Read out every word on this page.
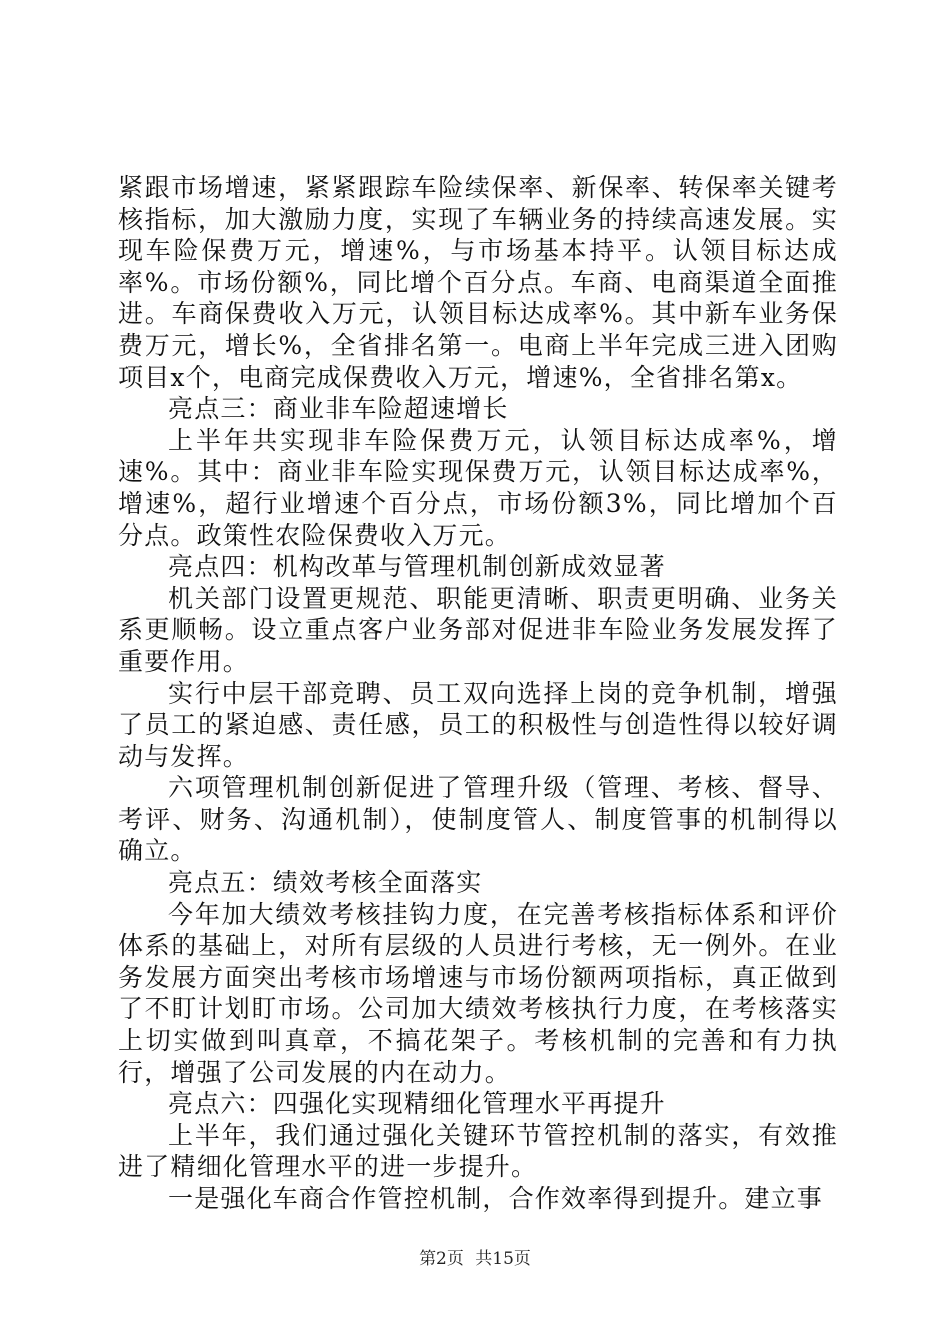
紧跟市场增速，紧紧跟踪车险续保率、新保率、转保率关键考核指标，加大激励力度，实现了车辆业务的持续高速发展。实现车险保费万元，增速%，与市场基本持平。认领目标达成率%。市场份额%，同比增个百分点。车商、电商渠道全面推进。车商保费收入万元，认领目标达成率%。其中新车业务保费万元，增长%，全省排名第一。电商上半年完成三进入团购项目x个，电商完成保费收入万元，增速%，全省排名第x。

亮点三：商业非车险超速增长

上半年共实现非车险保费万元，认领目标达成率%，增速%。其中：商业非车险实现保费万元，认领目标达成率%，增速%，超行业增速个百分点，市场份额3%，同比增加个百分点。政策性农险保费收入万元。

亮点四：机构改革与管理机制创新成效显著

机关部门设置更规范、职能更清晰、职责更明确、业务关系更顺畅。设立重点客户业务部对促进非车险业务发展发挥了重要作用。

实行中层干部竞聘、员工双向选择上岗的竞争机制，增强了员工的紧迫感、责任感，员工的积极性与创造性得以较好调动与发挥。

六项管理机制创新促进了管理升级（管理、考核、督导、考评、财务、沟通机制），使制度管人、制度管事的机制得以确立。

亮点五：绩效考核全面落实

今年加大绩效考核挂钩力度，在完善考核指标体系和评价体系的基础上，对所有层级的人员进行考核，无一例外。在业务发展方面突出考核市场增速与市场份额两项指标，真正做到了不盯计划盯市场。公司加大绩效考核执行力度，在考核落实上切实做到叫真章，不搞花架子。考核机制的完善和有力执行，增强了公司发展的内在动力。

亮点六：四强化实现精细化管理水平再提升

上半年，我们通过强化关键环节管控机制的落实，有效推进了精细化管理水平的进一步提升。

一是强化车商合作管控机制，合作效率得到提升。建立事

第2页 共15页
